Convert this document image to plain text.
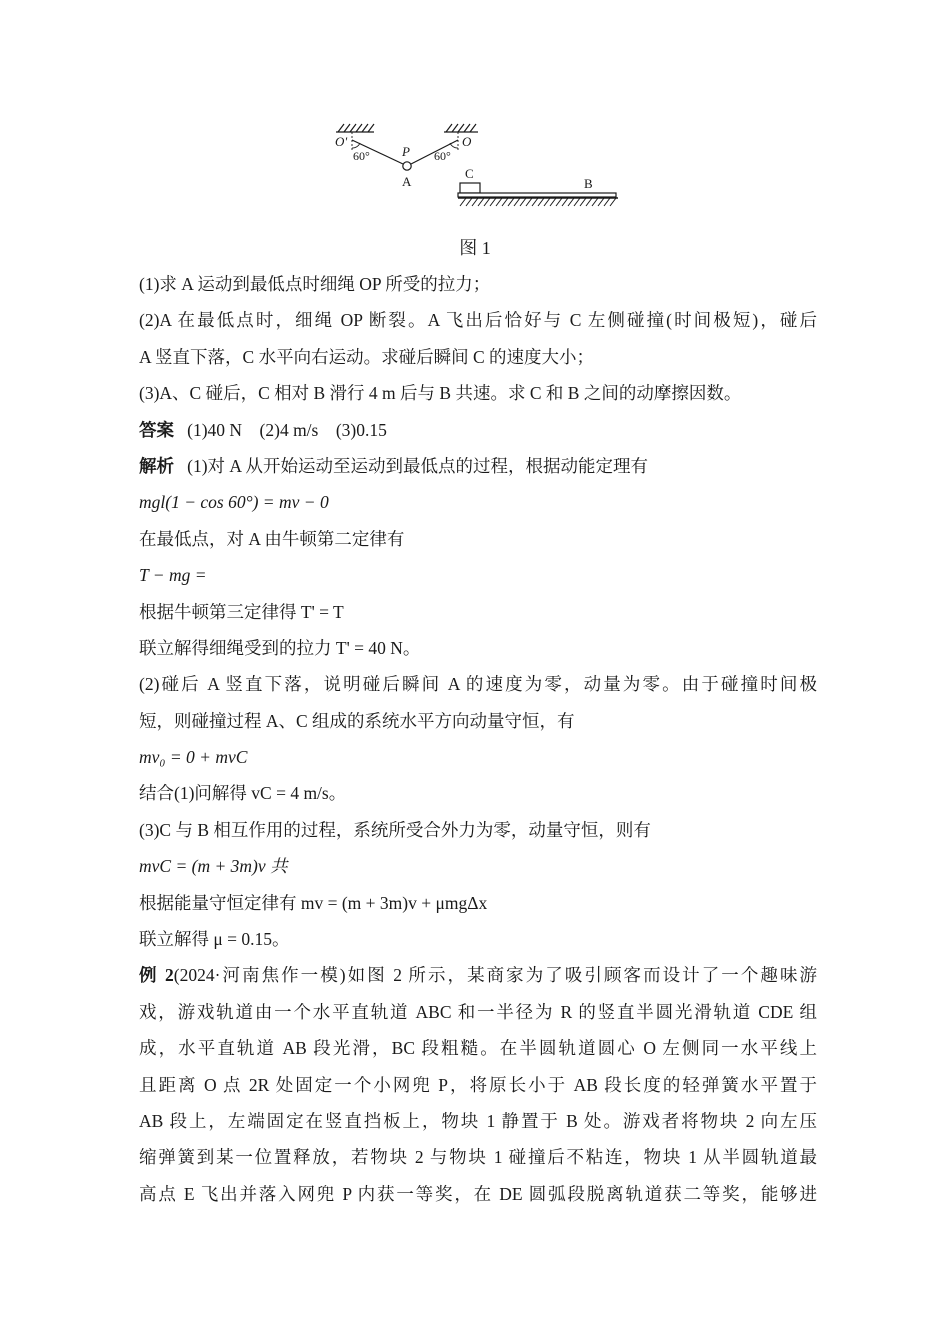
O'
60° P
A
60°
O
C
B
图 1
(1)求 A 运动到最低点时细绳 OP 所受的拉力；
(2)A 在最低点时，细绳 OP 断裂。A 飞出后恰好与 C 左侧碰撞(时间极短)，碰后
A 竖直下落，C 水平向右运动。求碰后瞬间 C 的速度大小；
(3)A、C 碰后，C 相对 B 滑行 4 m 后与 B 共速。求 C 和 B 之间的动摩擦因数。
答案 (1)40 N　(2)4 m/s　(3)0.15
解析 (1)对 A 从开始运动至运动到最低点的过程，根据动能定理有
mgl(1 − cos 60°) = mv − 0
在最低点，对 A 由牛顿第二定律有
T − mg =
根据牛顿第三定律得 T' = T
联立解得细绳受到的拉力 T' = 40 N。
(2)碰后 A 竖直下落，说明碰后瞬间 A 的速度为零，动量为零。由于碰撞时间极
短，则碰撞过程 A、C 组成的系统水平方向动量守恒，有
mv₀ = 0 + mvC
结合(1)问解得 vC = 4 m/s。
(3)C 与 B 相互作用的过程，系统所受合外力为零，动量守恒，则有
mvC = (m + 3m)v 共
根据能量守恒定律有 mv = (m + 3m)v + μmgΔx
联立解得 μ = 0.15。
例 2(2024·河南焦作一模)如图 2 所示，某商家为了吸引顾客而设计了一个趣味游
戏，游戏轨道由一个水平直轨道 ABC 和一半径为 R 的竖直半圆光滑轨道 CDE 组
成，水平直轨道 AB 段光滑，BC 段粗糙。在半圆轨道圆心 O 左侧同一水平线上
且距离 O 点 2R 处固定一个小网兜 P，将原长小于 AB 段长度的轻弹簧水平置于
AB 段上，左端固定在竖直挡板上，物块 1 静置于 B 处。游戏者将物块 2 向左压
缩弹簧到某一位置释放，若物块 2 与物块 1 碰撞后不粘连，物块 1 从半圆轨道最
高点 E 飞出并落入网兜 P 内获一等奖，在 DE 圆弧段脱离轨道获二等奖，能够进
